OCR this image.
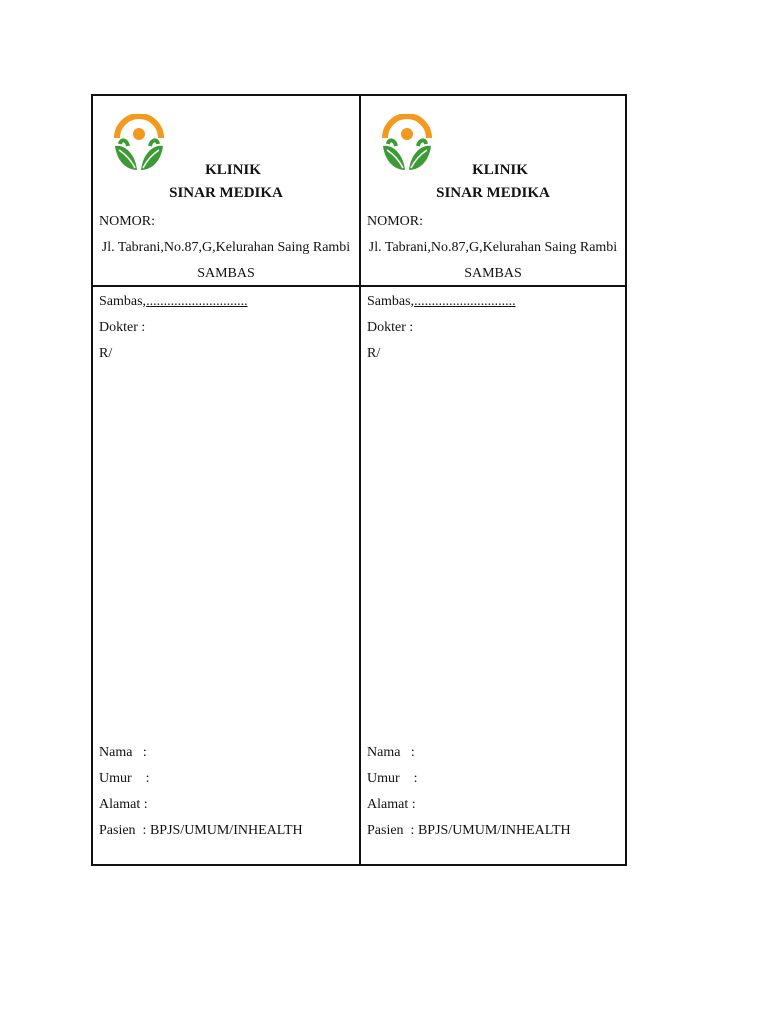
KLINIK
SINAR MEDIKA
NOMOR:
Jl. Tabrani,No.87,G,Kelurahan Saing Rambi
SAMBAS
Sambas,.............................
Dokter :
R/
Nama   :
Umur    :
Alamat :
Pasien  : BPJS/UMUM/INHEALTH
KLINIK
SINAR MEDIKA
NOMOR:
Jl. Tabrani,No.87,G,Kelurahan Saing Rambi
SAMBAS
Sambas,.............................
Dokter :
R/
Nama   :
Umur    :
Alamat :
Pasien  : BPJS/UMUM/INHEALTH
